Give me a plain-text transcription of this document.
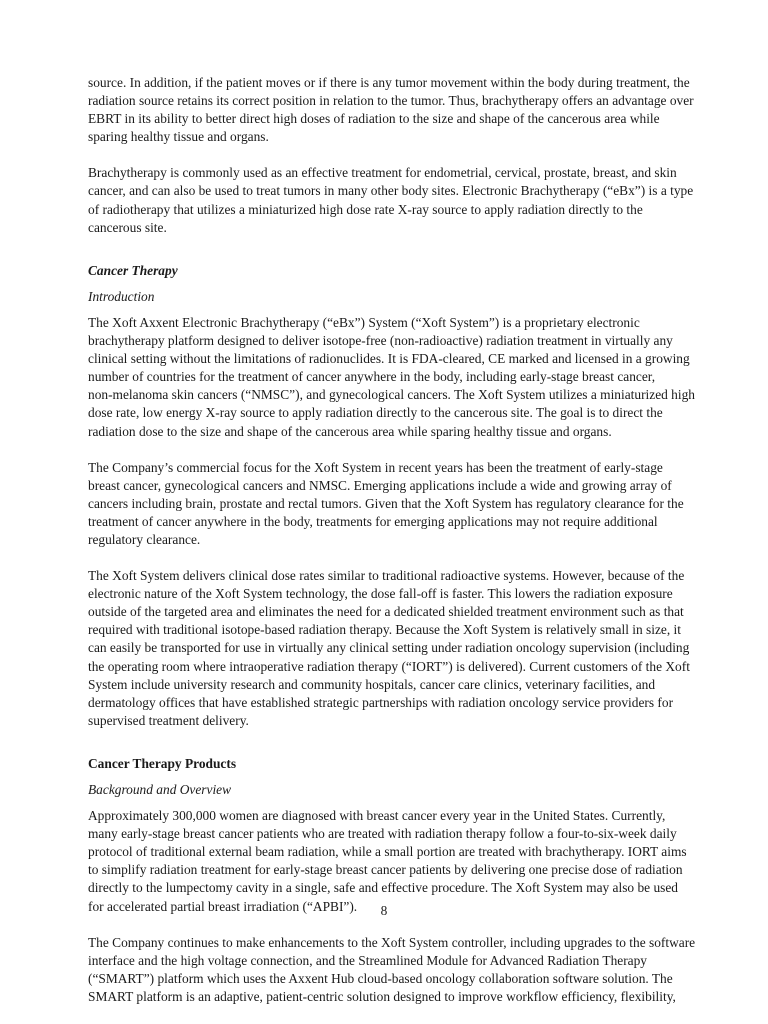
source. In addition, if the patient moves or if there is any tumor movement within the body during treatment, the
radiation source retains its correct position in relation to the tumor. Thus, brachytherapy offers an advantage over
EBRT in its ability to better direct high doses of radiation to the size and shape of the cancerous area while
sparing healthy tissue and organs.
Brachytherapy is commonly used as an effective treatment for endometrial, cervical, prostate, breast, and skin
cancer, and can also be used to treat tumors in many other body sites. Electronic Brachytherapy (“eBx”) is a type
of radiotherapy that utilizes a miniaturized high dose rate X-ray source to apply radiation directly to the
cancerous site.
Cancer Therapy
Introduction
The Xoft Axxent Electronic Brachytherapy (“eBx”) System (“Xoft System”) is a proprietary electronic
brachytherapy platform designed to deliver isotope-free (non-radioactive) radiation treatment in virtually any
clinical setting without the limitations of radionuclides. It is FDA-cleared, CE marked and licensed in a growing
number of countries for the treatment of cancer anywhere in the body, including early-stage breast cancer,
non-melanoma skin cancers (“NMSC”), and gynecological cancers. The Xoft System utilizes a miniaturized high
dose rate, low energy X-ray source to apply radiation directly to the cancerous site. The goal is to direct the
radiation dose to the size and shape of the cancerous area while sparing healthy tissue and organs.
The Company’s commercial focus for the Xoft System in recent years has been the treatment of early-stage
breast cancer, gynecological cancers and NMSC. Emerging applications include a wide and growing array of
cancers including brain, prostate and rectal tumors. Given that the Xoft System has regulatory clearance for the
treatment of cancer anywhere in the body, treatments for emerging applications may not require additional
regulatory clearance.
The Xoft System delivers clinical dose rates similar to traditional radioactive systems. However, because of the
electronic nature of the Xoft System technology, the dose fall-off is faster. This lowers the radiation exposure
outside of the targeted area and eliminates the need for a dedicated shielded treatment environment such as that
required with traditional isotope-based radiation therapy. Because the Xoft System is relatively small in size, it
can easily be transported for use in virtually any clinical setting under radiation oncology supervision (including
the operating room where intraoperative radiation therapy (“IORT”) is delivered). Current customers of the Xoft
System include university research and community hospitals, cancer care clinics, veterinary facilities, and
dermatology offices that have established strategic partnerships with radiation oncology service providers for
supervised treatment delivery.
Cancer Therapy Products
Background and Overview
Approximately 300,000 women are diagnosed with breast cancer every year in the United States. Currently,
many early-stage breast cancer patients who are treated with radiation therapy follow a four-to-six-week daily
protocol of traditional external beam radiation, while a small portion are treated with brachytherapy. IORT aims
to simplify radiation treatment for early-stage breast cancer patients by delivering one precise dose of radiation
directly to the lumpectomy cavity in a single, safe and effective procedure. The Xoft System may also be used
for accelerated partial breast irradiation (“APBI”).
The Company continues to make enhancements to the Xoft System controller, including upgrades to the software
interface and the high voltage connection, and the Streamlined Module for Advanced Radiation Therapy
(“SMART”) platform which uses the Axxent Hub cloud-based oncology collaboration software solution. The
SMART platform is an adaptive, patient-centric solution designed to improve workflow efficiency, flexibility,
8
